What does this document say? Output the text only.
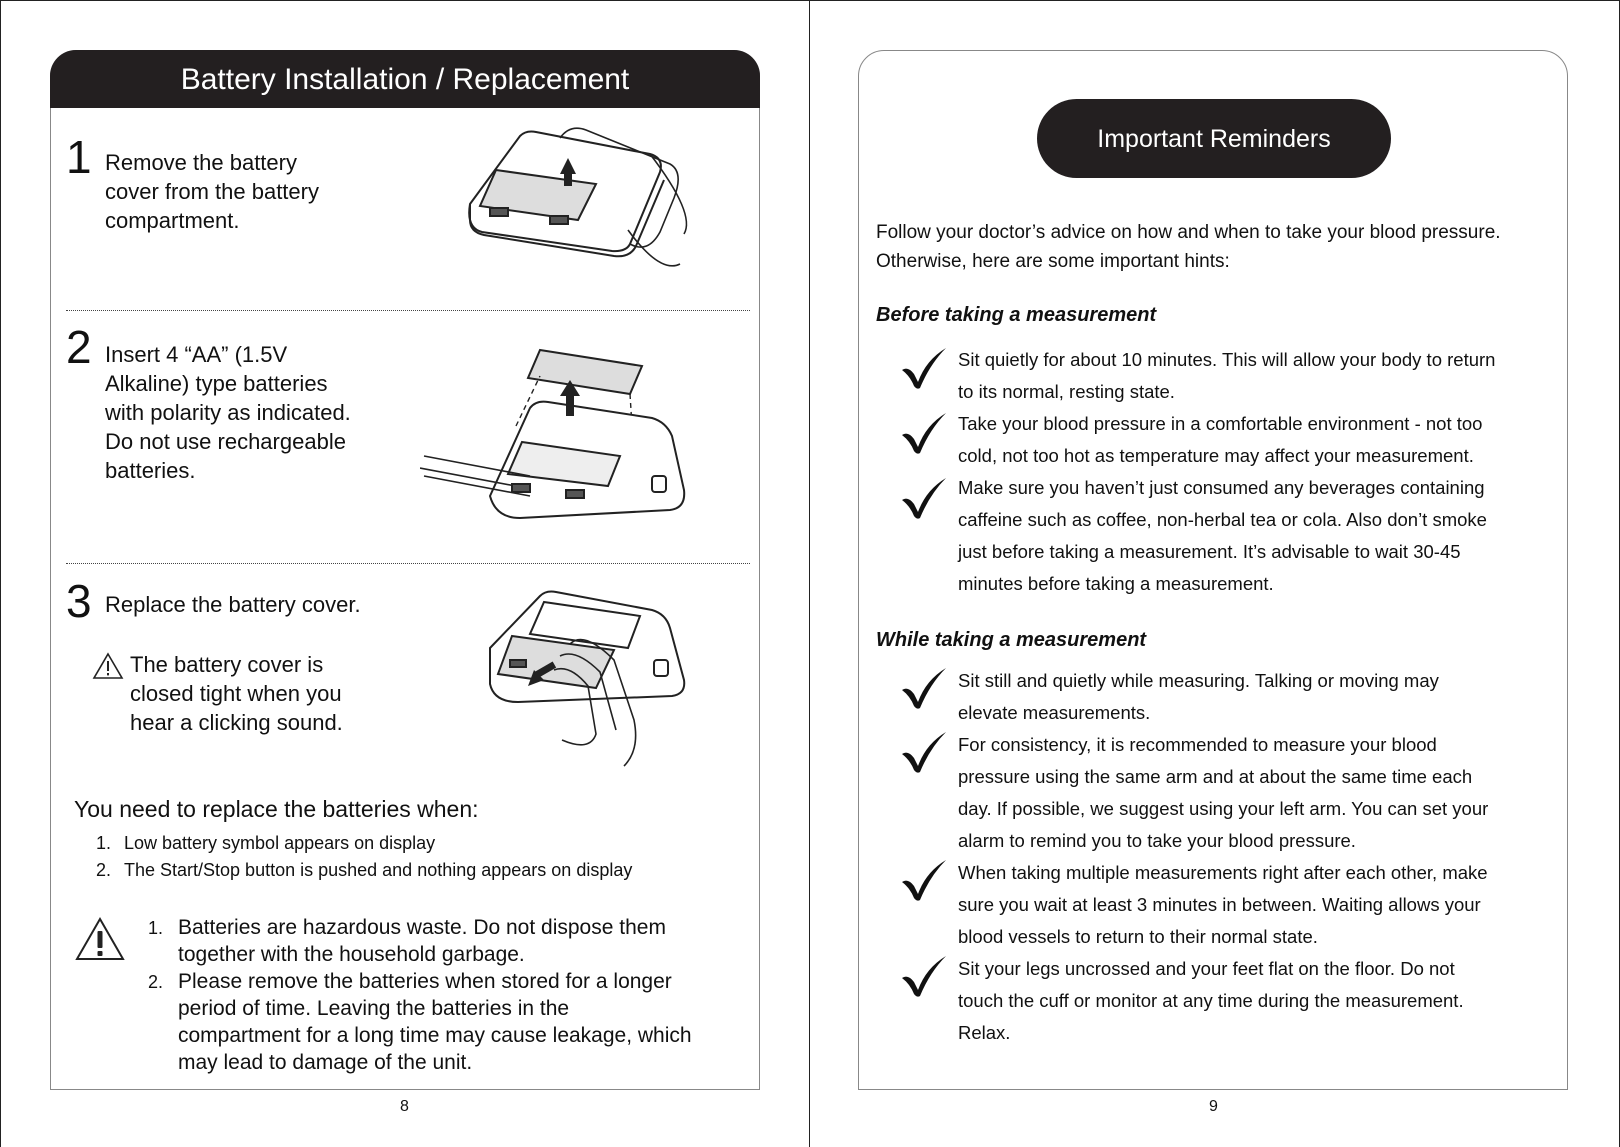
Battery Installation / Replacement
1 Remove the battery
cover from the battery
compartment.
2 Insert 4 “AA” (1.5V
Alkaline) type batteries
with polarity as indicated.
Do not use rechargeable
batteries.
3 Replace the battery cover.
The battery cover is
closed tight when you
hear a clicking sound.
You need to replace the batteries when:
1. Low battery symbol appears on display
2. The Start/Stop button is pushed and nothing appears on display
1. Batteries are hazardous waste. Do not dispose them

together with the household garbage.

2. Please remove the batteries when stored for a longer

period of time. Leaving the batteries in the

compartment for a long time may cause leakage, which

may lead to damage of the unit.

8
Important Reminders

Follow your doctor’s advice on how and when to take your blood pressure.

Otherwise, here are some important hints:

Before taking a measurement

Sit quietly for about 10 minutes. This will allow your body to return

to its normal, resting state.

Take your blood pressure in a comfortable environment - not too

cold, not too hot as temperature may affect your measurement.

Make sure you haven’t just consumed any beverages containing

caffeine such as coffee, non-herbal tea or cola. Also don’t smoke

just before taking a measurement. It’s advisable to wait 30-45

minutes before taking a measurement.

While taking a measurement

Sit still and quietly while measuring. Talking or moving may

elevate measurements.

For consistency, it is recommended to measure your blood

pressure using the same arm and at about the same time each

day. If possible, we suggest using your left arm. You can set your

alarm to remind you to take your blood pressure.

When taking multiple measurements right after each other, make

sure you wait at least 3 minutes in between. Waiting allows your

blood vessels to return to their normal state.

Sit your legs uncrossed and your feet flat on the floor. Do not

touch the cuff or monitor at any time during the measurement.

Relax.

9
